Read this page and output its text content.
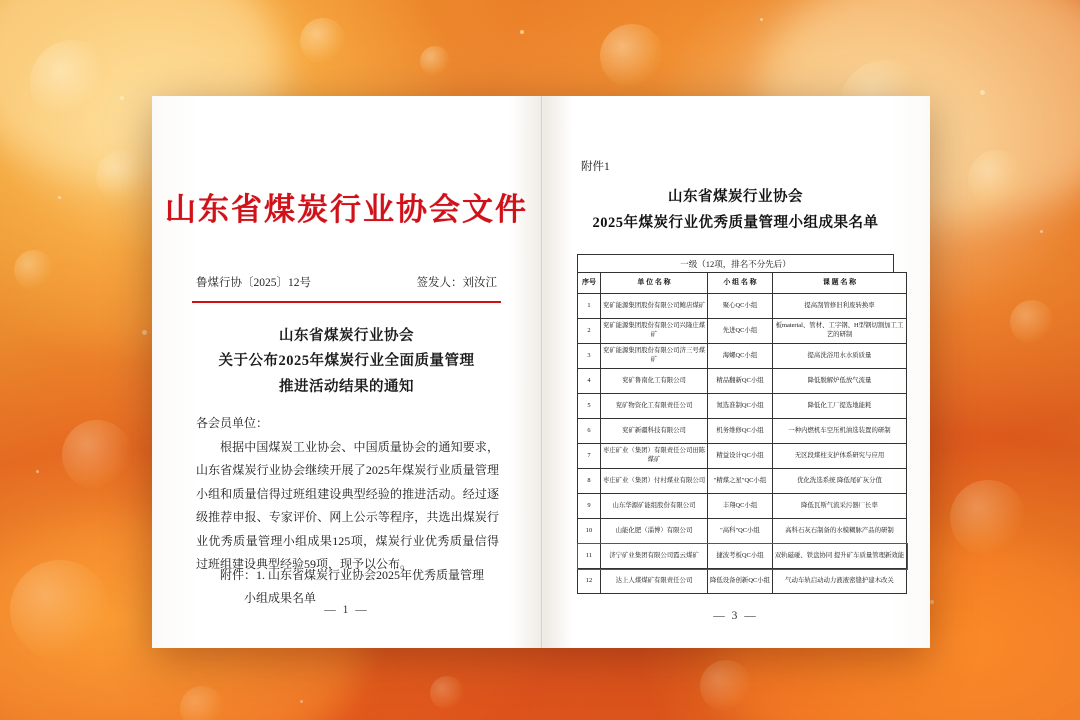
山东省煤炭行业协会文件
鲁煤行协〔2025〕12号	签发人：刘汝江
山东省煤炭行业协会
关于公布2025年煤炭行业全面质量管理
推进活动结果的通知
各会员单位：
根据中国煤炭工业协会、中国质量协会的通知要求，山东省煤炭行业协会继续开展了2025年煤炭行业质量管理小组和质量信得过班组建设典型经验的推进活动。经过逐级推荐申报、专家评价、网上公示等程序，共选出煤炭行业优秀质量管理小组成果125项，煤炭行业优秀质量信得过班组建设典型经验59项，现予以公布。
附件：1. 山东省煤炭行业协会2025年优秀质量管理
小组成果名单
— 1 —
附件1
山东省煤炭行业协会
2025年煤炭行业优秀质量管理小组成果名单
一级（12项，排名不分先后）
序号	单 位 名 称	小 组 名 称	课 题 名 称
1	兖矿能源集团股份有限公司鲍店煤矿	聚心QC小组	提高刮管修旧利废转换率
2	兖矿能源集团股份有限公司兴隆庄煤矿	先进QC小组	板material、管材、工字钢、H型钢切割加工工艺的研制
3	兖矿能源集团股份有限公司济三号煤矿	海螺QC小组	提高洗浴用水水质质量
4	兖矿鲁南化工有限公司	精品翻新QC小组	降低脱解炉低放气流量
5	兖矿物资化工有限责任公司	氮选准制QC小组	降低化工厂提选地能耗
6	兖矿新疆科技有限公司	机务维修QC小组	一种内燃机车空压机油选装置的研制
7	枣庄矿业（集团）有限责任公司田陈煤矿	精益设计QC小组	无区段煤柱支护体系研究与应用
8	枣庄矿业（集团）付村煤业有限公司	"精煤之星"QC小组	优化洗选系统 降低尾矿灰分值
9	山东华源矿能组股份有限公司	丰翔QC小组	降低瓦斯气流采污器厂长率
10	山能化肥（淄博）有限公司	"高科"QC小组	高科石灰石制备的水模糊脉产品的研制
11	济宁矿业集团有限公司霞云煤矿	捷波考板QC小组	双轨磁碰、铁盘协同 提升矿车质量管理新效能
12	达上人煤煤矿有限责任公司	降低设备创新QC小组	气动车轨启动动力液液密缝护建木改关
— 3 —
